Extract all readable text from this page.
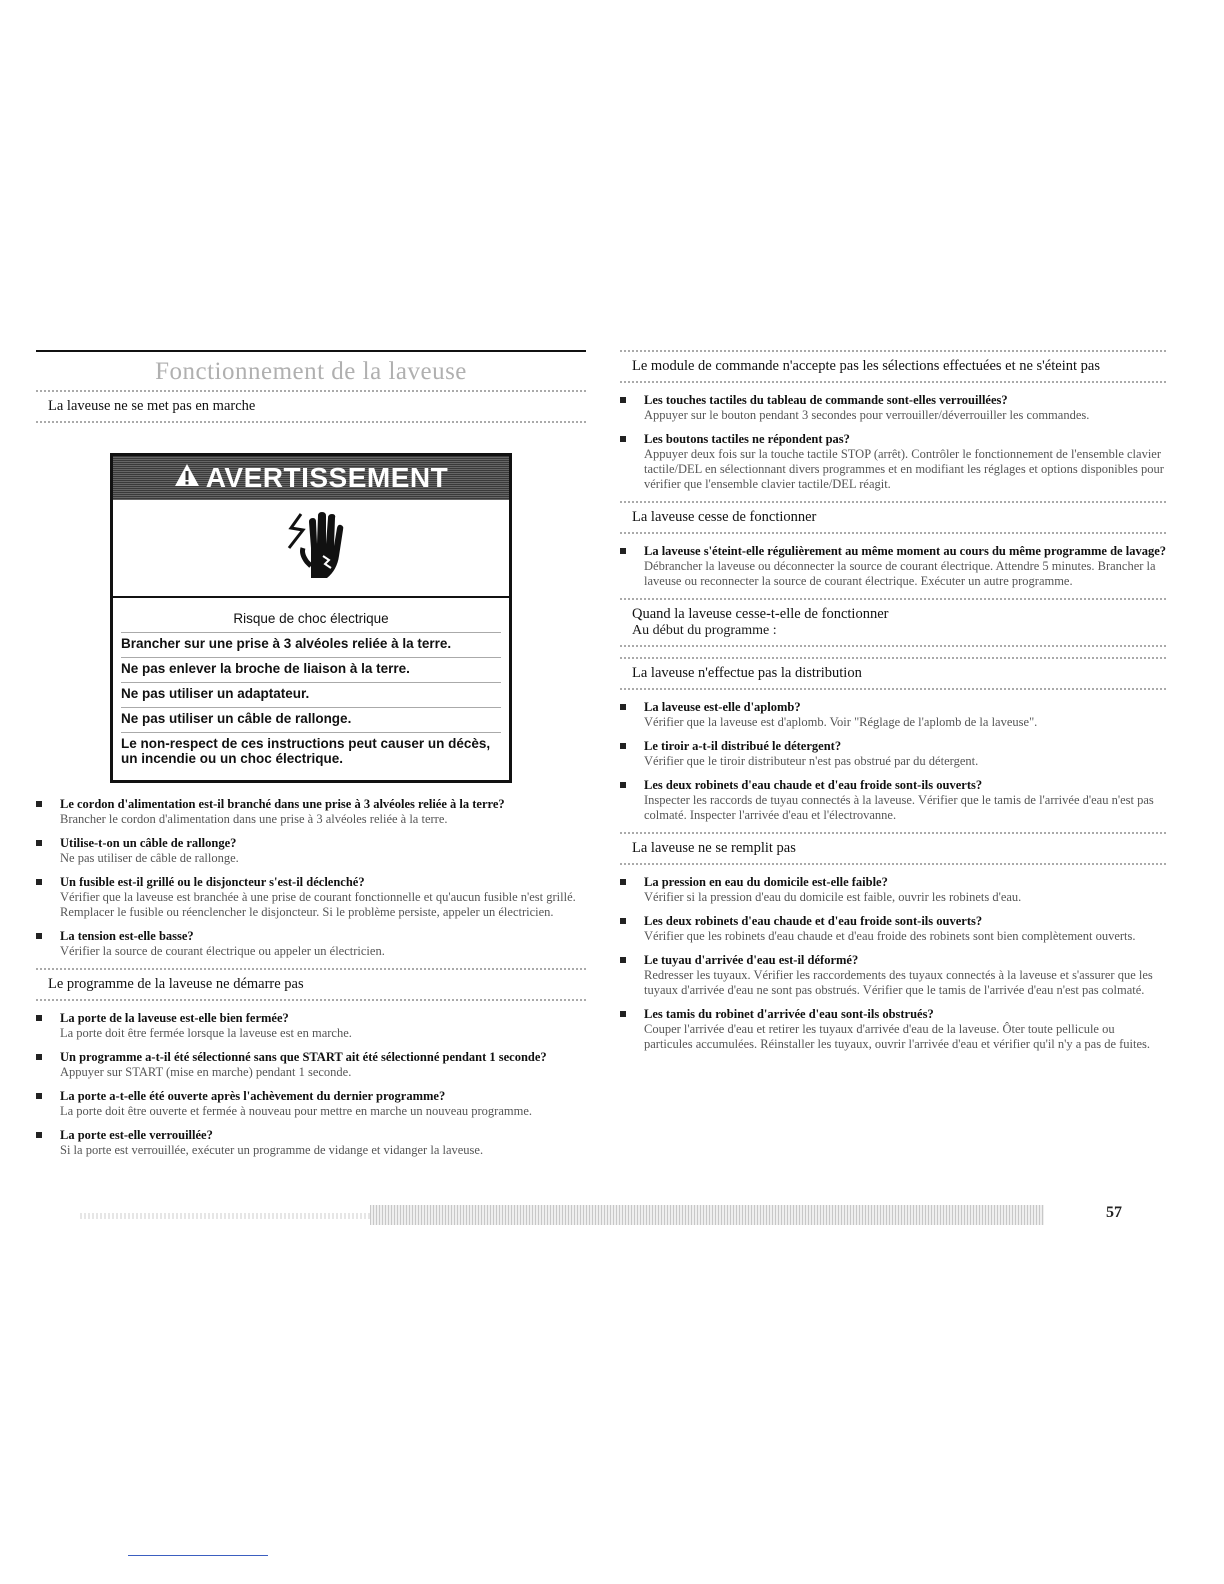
Fonctionnement de la laveuse
La laveuse ne se met pas en marche
AVERTISSEMENT
Risque de choc électrique
Brancher sur une prise à 3 alvéoles reliée à la terre.
Ne pas enlever la broche de liaison à la terre.
Ne pas utiliser un adaptateur.
Ne pas utiliser un câble de rallonge.
Le non-respect de ces instructions peut causer un décès, un incendie ou un choc électrique.
Le cordon d'alimentation est-il branché dans une prise à 3 alvéoles reliée à la terre?
Brancher le cordon d'alimentation dans une prise à 3 alvéoles reliée à la terre.
Utilise-t-on un câble de rallonge?
Ne pas utiliser de câble de rallonge.
Un fusible est-il grillé ou le disjoncteur s'est-il déclenché?
Vérifier que la laveuse est branchée à une prise de courant fonctionnelle et qu'aucun fusible n'est grillé. Remplacer le fusible ou réenclencher le disjoncteur. Si le problème persiste, appeler un électricien.
La tension est-elle basse?
Vérifier la source de courant électrique ou appeler un électricien.
Le programme de la laveuse ne démarre pas
La porte de la laveuse est-elle bien fermée?
La porte doit être fermée lorsque la laveuse est en marche.
Un programme a-t-il été sélectionné sans que START ait été sélectionné pendant 1 seconde?
Appuyer sur START (mise en marche) pendant 1 seconde.
La porte a-t-elle été ouverte après l'achèvement du dernier programme?
La porte doit être ouverte et fermée à nouveau pour mettre en marche un nouveau programme.
La porte est-elle verrouillée?
Si la porte est verrouillée, exécuter un programme de vidange et vidanger la laveuse.
Le module de commande n'accepte pas les sélections effectuées et ne s'éteint pas
Les touches tactiles du tableau de commande sont-elles verrouillées?
Appuyer sur le bouton pendant 3 secondes pour verrouiller/déverrouiller les commandes.
Les boutons tactiles ne répondent pas?
Appuyer deux fois sur la touche tactile STOP (arrêt). Contrôler le fonctionnement de l'ensemble clavier tactile/DEL en sélectionnant divers programmes et en modifiant les réglages et options disponibles pour vérifier que l'ensemble clavier tactile/DEL réagit.
La laveuse cesse de fonctionner
La laveuse s'éteint-elle régulièrement au même moment au cours du même programme de lavage?
Débrancher la laveuse ou déconnecter la source de courant électrique. Attendre 5 minutes. Brancher la laveuse ou reconnecter la source de courant électrique. Exécuter un autre programme.
Quand la laveuse cesse-t-elle de fonctionner
Au début du programme :
La laveuse n'effectue pas la distribution
La laveuse est-elle d'aplomb?
Vérifier que la laveuse est d'aplomb. Voir "Réglage de l'aplomb de la laveuse".
Le tiroir a-t-il distribué le détergent?
Vérifier que le tiroir distributeur n'est pas obstrué par du détergent.
Les deux robinets d'eau chaude et d'eau froide sont-ils ouverts?
Inspecter les raccords de tuyau connectés à la laveuse. Vérifier que le tamis de l'arrivée d'eau n'est pas colmaté. Inspecter l'arrivée d'eau et l'électrovanne.
La laveuse ne se remplit pas
La pression en eau du domicile est-elle faible?
Vérifier si la pression d'eau du domicile est faible, ouvrir les robinets d'eau.
Les deux robinets d'eau chaude et d'eau froide sont-ils ouverts?
Vérifier que les robinets d'eau chaude et d'eau froide des robinets sont bien complètement ouverts.
Le tuyau d'arrivée d'eau est-il déformé?
Redresser les tuyaux. Vérifier les raccordements des tuyaux connectés à la laveuse et s'assurer que les tuyaux d'arrivée d'eau ne sont pas obstrués. Vérifier que le tamis de l'arrivée d'eau n'est pas colmaté.
Les tamis du robinet d'arrivée d'eau sont-ils obstrués?
Couper l'arrivée d'eau et retirer les tuyaux d'arrivée d'eau de la laveuse. Ôter toute pellicule ou particules accumulées. Réinstaller les tuyaux, ouvrir l'arrivée d'eau et vérifier qu'il n'y a pas de fuites.
57
